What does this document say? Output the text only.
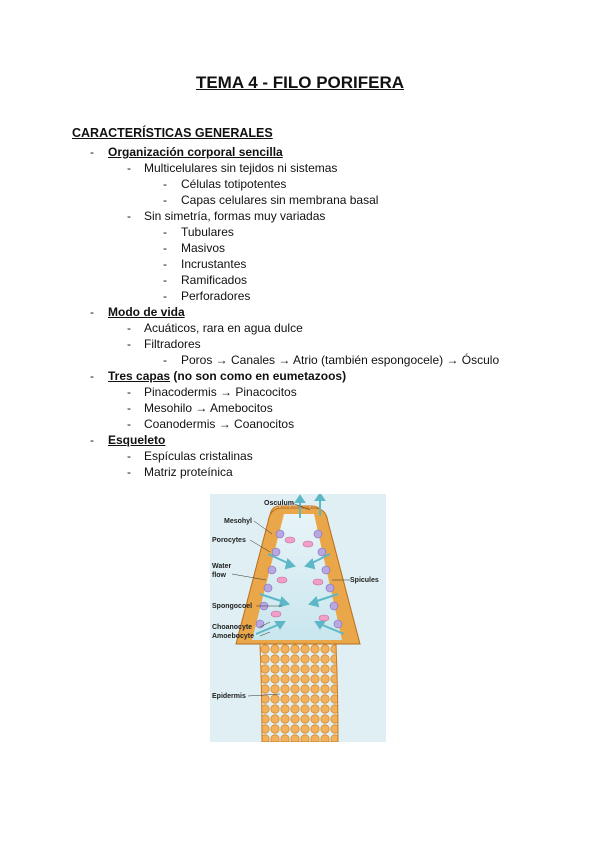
TEMA 4 - FILO PORIFERA
CARACTERÍSTICAS GENERALES
- Organización corporal sencilla
- Multicelulares sin tejidos ni sistemas
- Células totipotentes
- Capas celulares sin membrana basal
- Sin simetría, formas muy variadas
- Tubulares
- Masivos
- Incrustantes
- Ramificados
- Perforadores
- Modo de vida
- Acuáticos, rara en agua dulce
- Filtradores
- Poros → Canales → Atrio (también espongocele) → Ósculo
- Tres capas (no son como en eumetazoos)
- Pinacodermis → Pinacocitos
- Mesohilo → Amebocitos
- Coanodermis → Coanocitos
- Esqueleto
- Espículas cristalinas
- Matriz proteínica
Osculum
Mesohyl
Porocytes
Water
flow
Spongocoel
Choanocyte
Amoebocyte
Epidermis
Spicules
